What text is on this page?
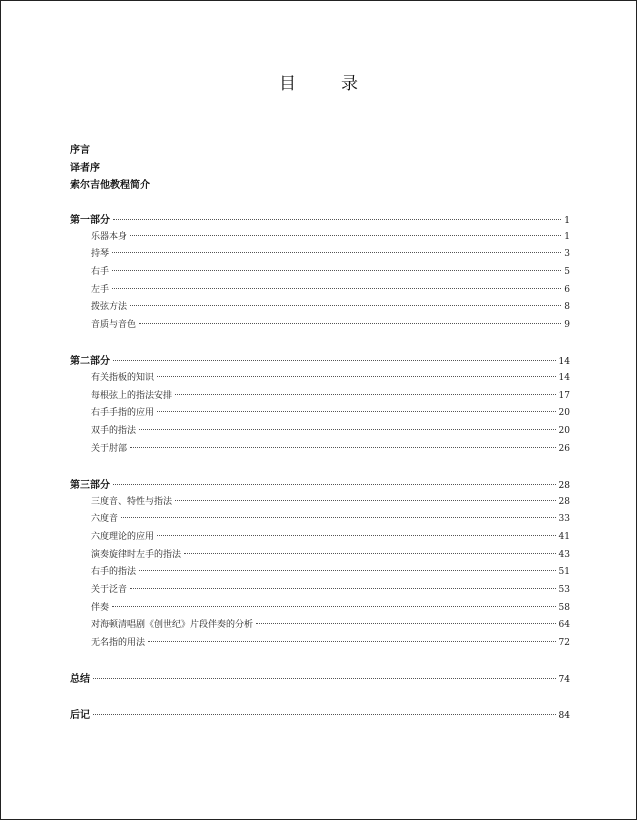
目　录
序言
译者序
索尔吉他教程简介
第一部分	1
乐器本身	1
持琴	3
右手	5
左手	6
拨弦方法	8
音质与音色	9
第二部分	14
有关指板的知识	14
每根弦上的指法安排	17
右手手指的应用	20
双手的指法	20
关于肘部	26
第三部分	28
三度音、特性与指法	28
六度音	33
六度理论的应用	41
演奏旋律时左手的指法	43
右手的指法	51
关于泛音	53
伴奏	58
对海顿清唱剧《创世纪》片段伴奏的分析	64
无名指的用法	72
总结	74
后记	84
